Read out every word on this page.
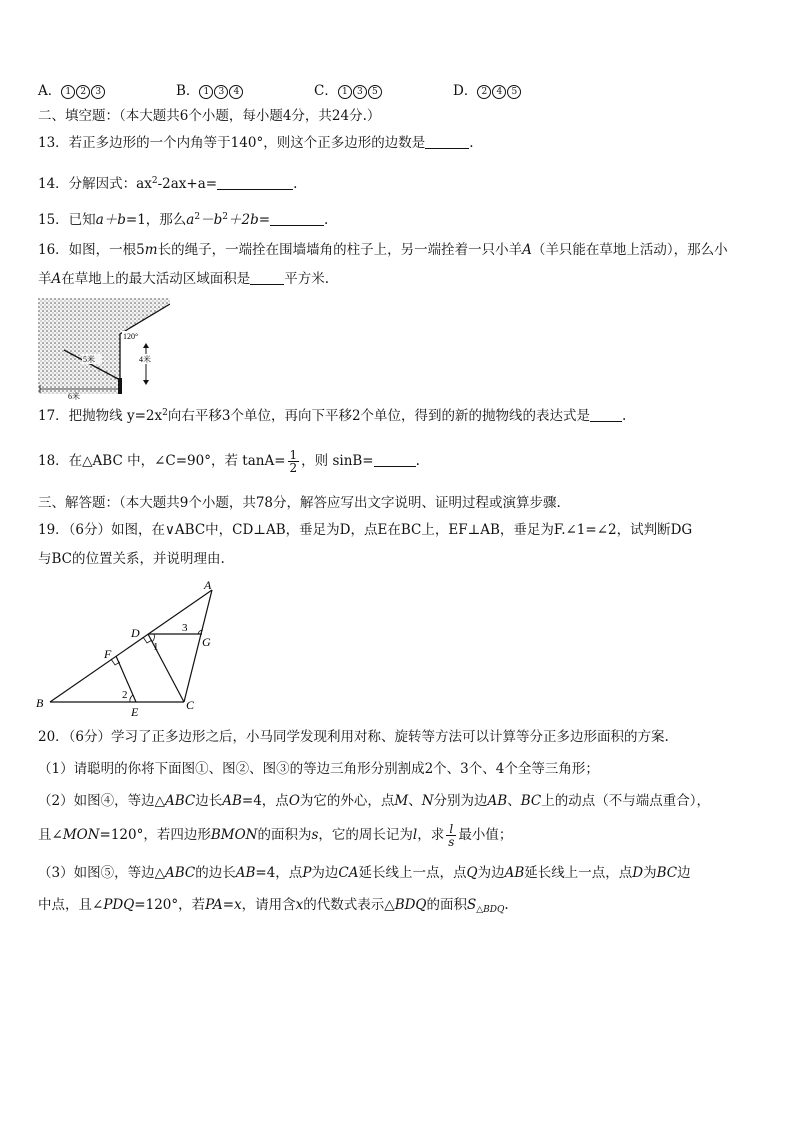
A． 1 2 3	B． 1 3 4	C． 1 3 5	D． 2 4 5
二、填空题：（本大题共6个小题，每小题4分，共24分.）
13．若正多边形的一个内角等于140°，则这个正多边形的边数是	.
14．分解因式：$ax^2-2ax+a=$	.
15．已知a＋b=1，那么$a^2-b^2+2b=$	.
16．如图，一根5m长的绳子，一端拴在围墙墙角的柱子上，另一端拴着一只小羊A（羊只能在草地上活动），那么小
羊A在草地上的最大活动区域面积是	平方米.
5米
120°
4米
6米
17．把抛物线 $y=2x^2$向右平移3个单位，再向下平移2个单位，得到的新的抛物线的表达式是 .
18．在△ABC 中，∠C=90°，若 $\tan A= \frac{1}{2}$ ，则 sinB=	.
三、解答题：（本大题共9个小题，共78分，解答应写出文字说明、证明过程或演算步骤.
19．（6分）如图，在∨ABC中，CD⊥AB，垂足为D，点E在BC上，EF⊥AB，垂足为F.∠1=∠2，试判断DG
与BC的位置关系，并说明理由.
A
B	C
D
E
F
G
1
2
3
20．（6分）学习了正多边形之后，小马同学发现利用对称、旋转等方法可以计算等分正多边形面积的方案.
（1）请聪明的你将下面图①、图②、图③的等边三角形分别割成2个、3个、4个全等三角形；
（2）如图④，等边△ABC边长AB=4，点O为它的外心，点M、N分别为边AB、BC上的动点（不与端点重合），
且∠MON=120°，若四边形BMON的面积为s，它的周长记为l，求 $\frac{l}{s}$ 最小值；
（3）如图⑤，等边△ABC的边长AB=4，点P为边CA延长线上一点，点Q为边AB延长线上一点，点D为BC边
中点，且∠PDQ=120°，若PA=x，请用含x的代数式表示△BDQ的面积$S_{\triangle BDQ}$.
